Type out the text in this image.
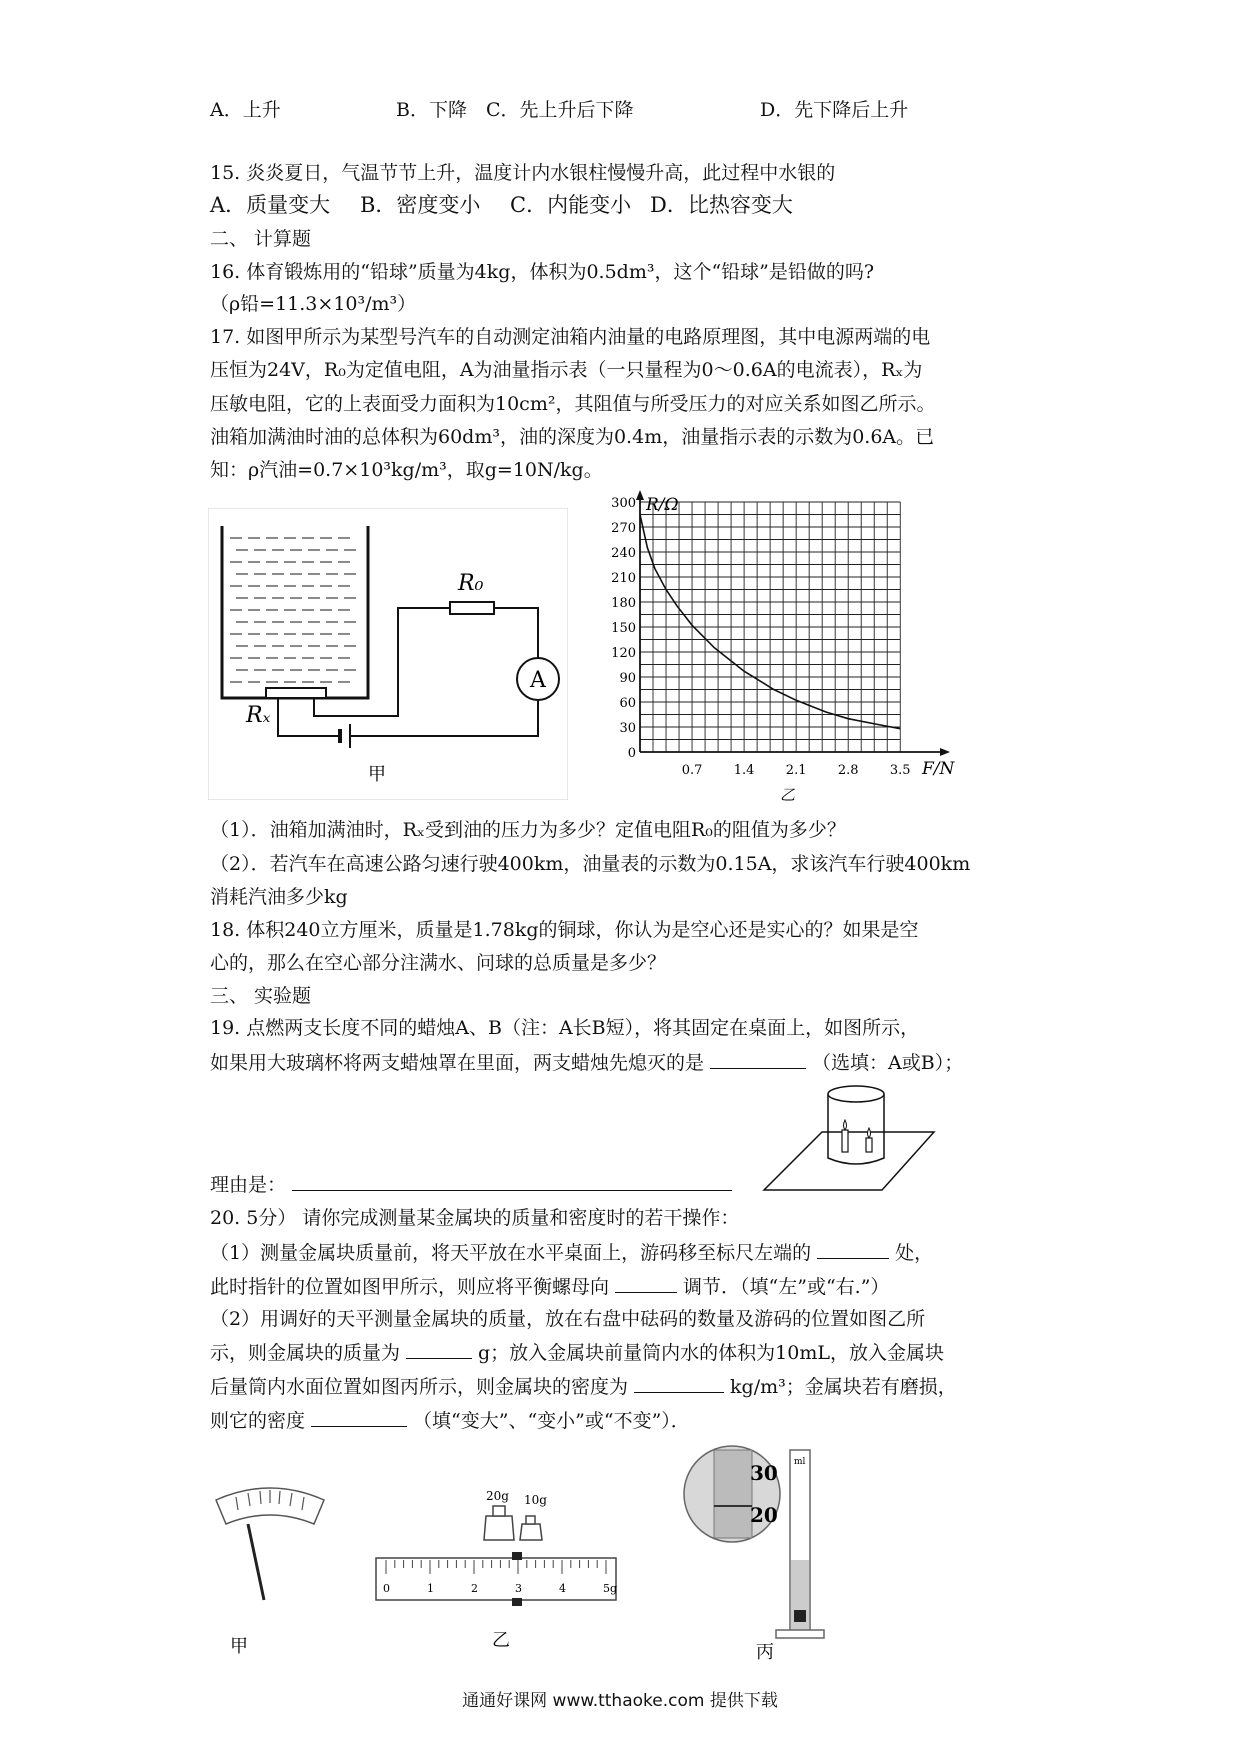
A．上升	B．下降 C．先上升后下降	D．先下降后上升
15. 炎炎夏日，气温节节上升，温度计内水银柱慢慢升高，此过程中水银的
A．质量变大 B．密度变小 C．内能变小 D．比热容变大
二、 计算题
16. 体育锻炼用的“铅球”质量为4kg，体积为0.5dm³，这个“铅球”是铅做的吗?
（ρ铅=11.3×10³/m³）
17. 如图甲所示为某型号汽车的自动测定油箱内油量的电路原理图，其中电源两端的电
压恒为24V，R₀为定值电阻，A为油量指示表（一只量程为0～0.6A的电流表），Rₓ为
压敏电阻，它的上表面受力面积为10cm²，其阻值与所受压力的对应关系如图乙所示。
油箱加满油时油的总体积为60dm³，油的深度为0.4m，油量指示表的示数为0.6A。已
知：ρ汽油=0.7×10³kg/m³，取g=10N/kg。
R₀
A
Rₓ
甲
0
30
60
90
120
150
180
210
240
270
300
0.7 1.4 2.1 2.8 3.5
R/Ω
F/N
乙
（1）．油箱加满油时，Rₓ受到油的压力为多少？定值电阻R₀的阻值为多少？
（2）．若汽车在高速公路匀速行驶400km，油量表的示数为0.15A，求该汽车行驶400km
消耗汽油多少kg
18. 体积240立方厘米，质量是1.78kg的铜球，你认为是空心还是实心的？如果是空
心的，那么在空心部分注满水、问球的总质量是多少？
三、 实验题
19. 点燃两支长度不同的蜡烛A、B（注：A长B短），将其固定在桌面上，如图所示，
如果用大玻璃杯将两支蜡烛罩在里面，两支蜡烛先熄灭的是	（选填：A或B）；
理由是：
20. 5分） 请你完成测量某金属块的质量和密度时的若干操作：
（1）测量金属块质量前，将天平放在水平桌面上，游码移至标尺左端的	处，
此时指针的位置如图甲所示，则应将平衡螺母向	调节．（填“左”或“右.”）
（2）用调好的天平测量金属块的质量，放在右盘中砝码的数量及游码的位置如图乙所
示，则金属块的质量为	g；放入金属块前量筒内水的体积为10mL，放入金属块
后量筒内水面位置如图丙所示，则金属块的密度为	kg/m³；金属块若有磨损，
则它的密度	（填“变大”、“变小”或“不变”）．
甲
20g 10g
0	1	2	3	4	5g
乙
30
20
ml
丙
通通好课网 www.tthaoke.com 提供下载
